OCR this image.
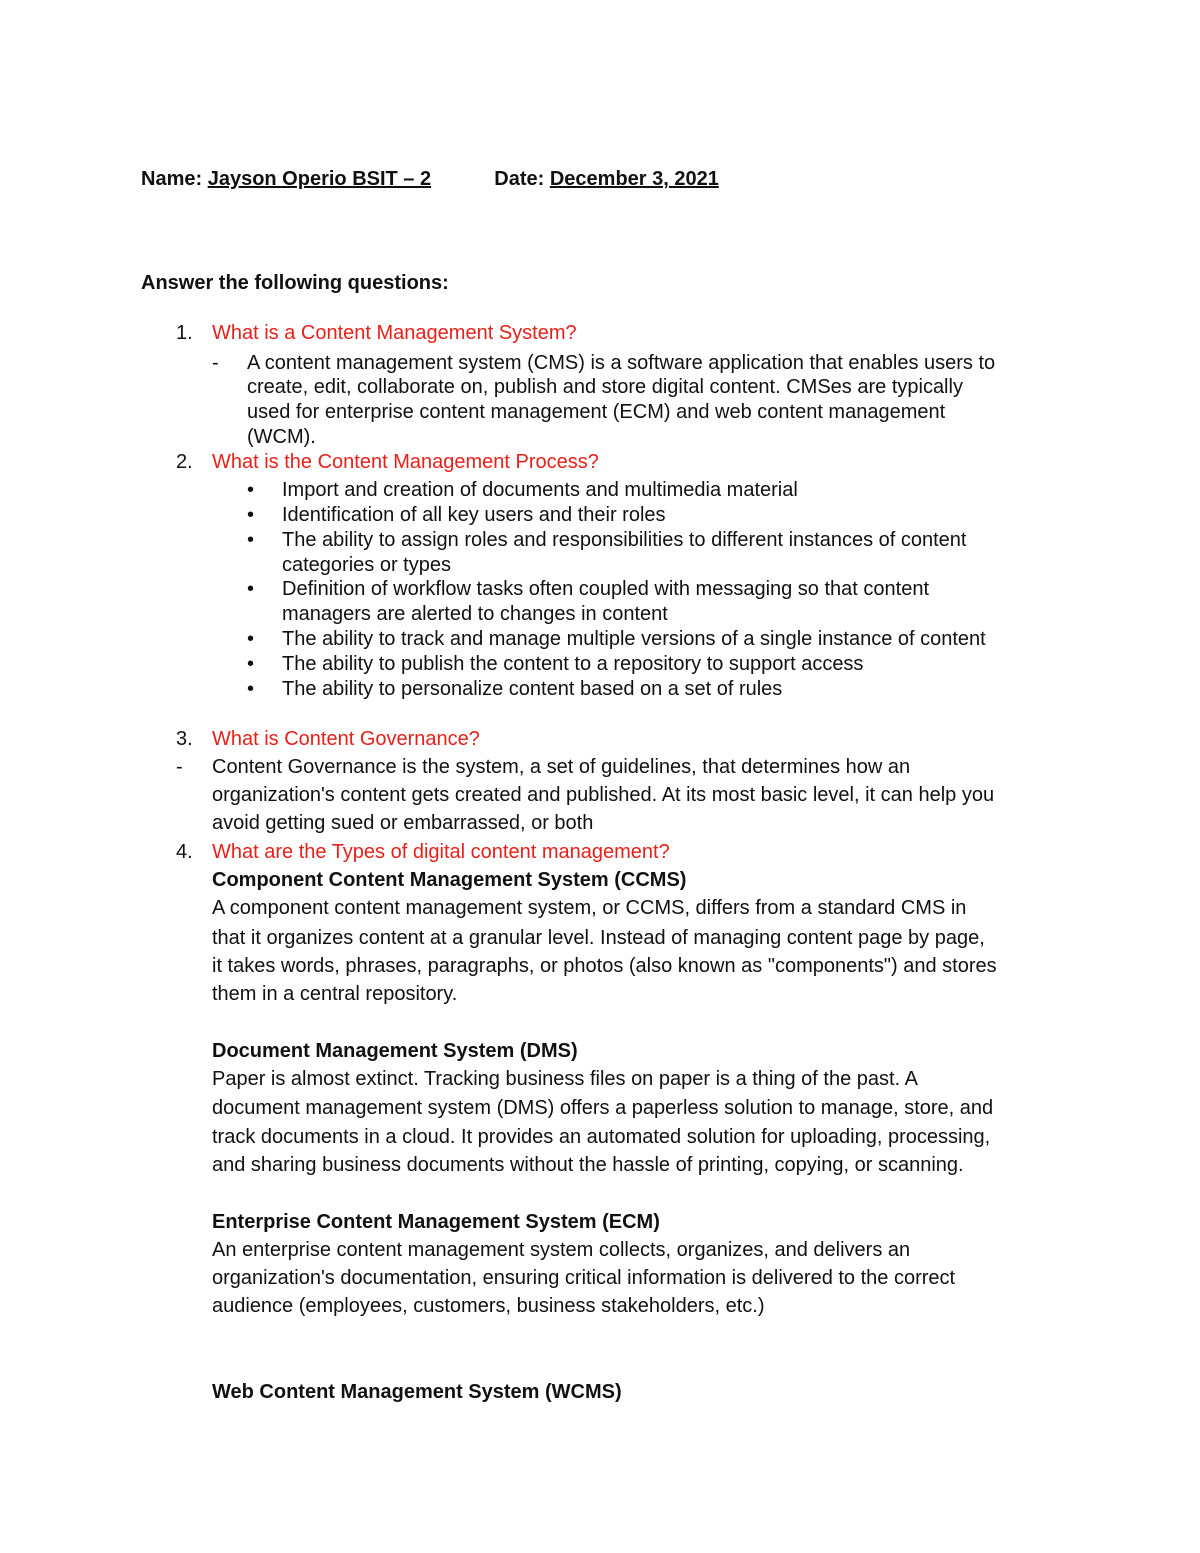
Name: Jayson Operio BSIT – 2	Date: December 3, 2021
Answer the following questions:
1. What is a Content Management System?
- A content management system (CMS) is a software application that enables users to
create, edit, collaborate on, publish and store digital content. CMSes are typically
used for enterprise content management (ECM) and web content management
(WCM).
2. What is the Content Management Process?
• Import and creation of documents and multimedia material
• Identification of all key users and their roles
• The ability to assign roles and responsibilities to different instances of content
categories or types
• Definition of workflow tasks often coupled with messaging so that content
managers are alerted to changes in content
• The ability to track and manage multiple versions of a single instance of content
• The ability to publish the content to a repository to support access
• The ability to personalize content based on a set of rules
3. What is Content Governance?
- Content Governance is the system, a set of guidelines, that determines how an
organization's content gets created and published. At its most basic level, it can help you
avoid getting sued or embarrassed, or both
4. What are the Types of digital content management?
Component Content Management System (CCMS)
A component content management system, or CCMS, differs from a standard CMS in
that it organizes content at a granular level. Instead of managing content page by page,
it takes words, phrases, paragraphs, or photos (also known as "components") and stores
them in a central repository.
Document Management System (DMS)
Paper is almost extinct. Tracking business files on paper is a thing of the past. A
document management system (DMS) offers a paperless solution to manage, store, and
track documents in a cloud. It provides an automated solution for uploading, processing,
and sharing business documents without the hassle of printing, copying, or scanning.
Enterprise Content Management System (ECM)
An enterprise content management system collects, organizes, and delivers an
organization's documentation, ensuring critical information is delivered to the correct
audience (employees, customers, business stakeholders, etc.)
Web Content Management System (WCMS)
